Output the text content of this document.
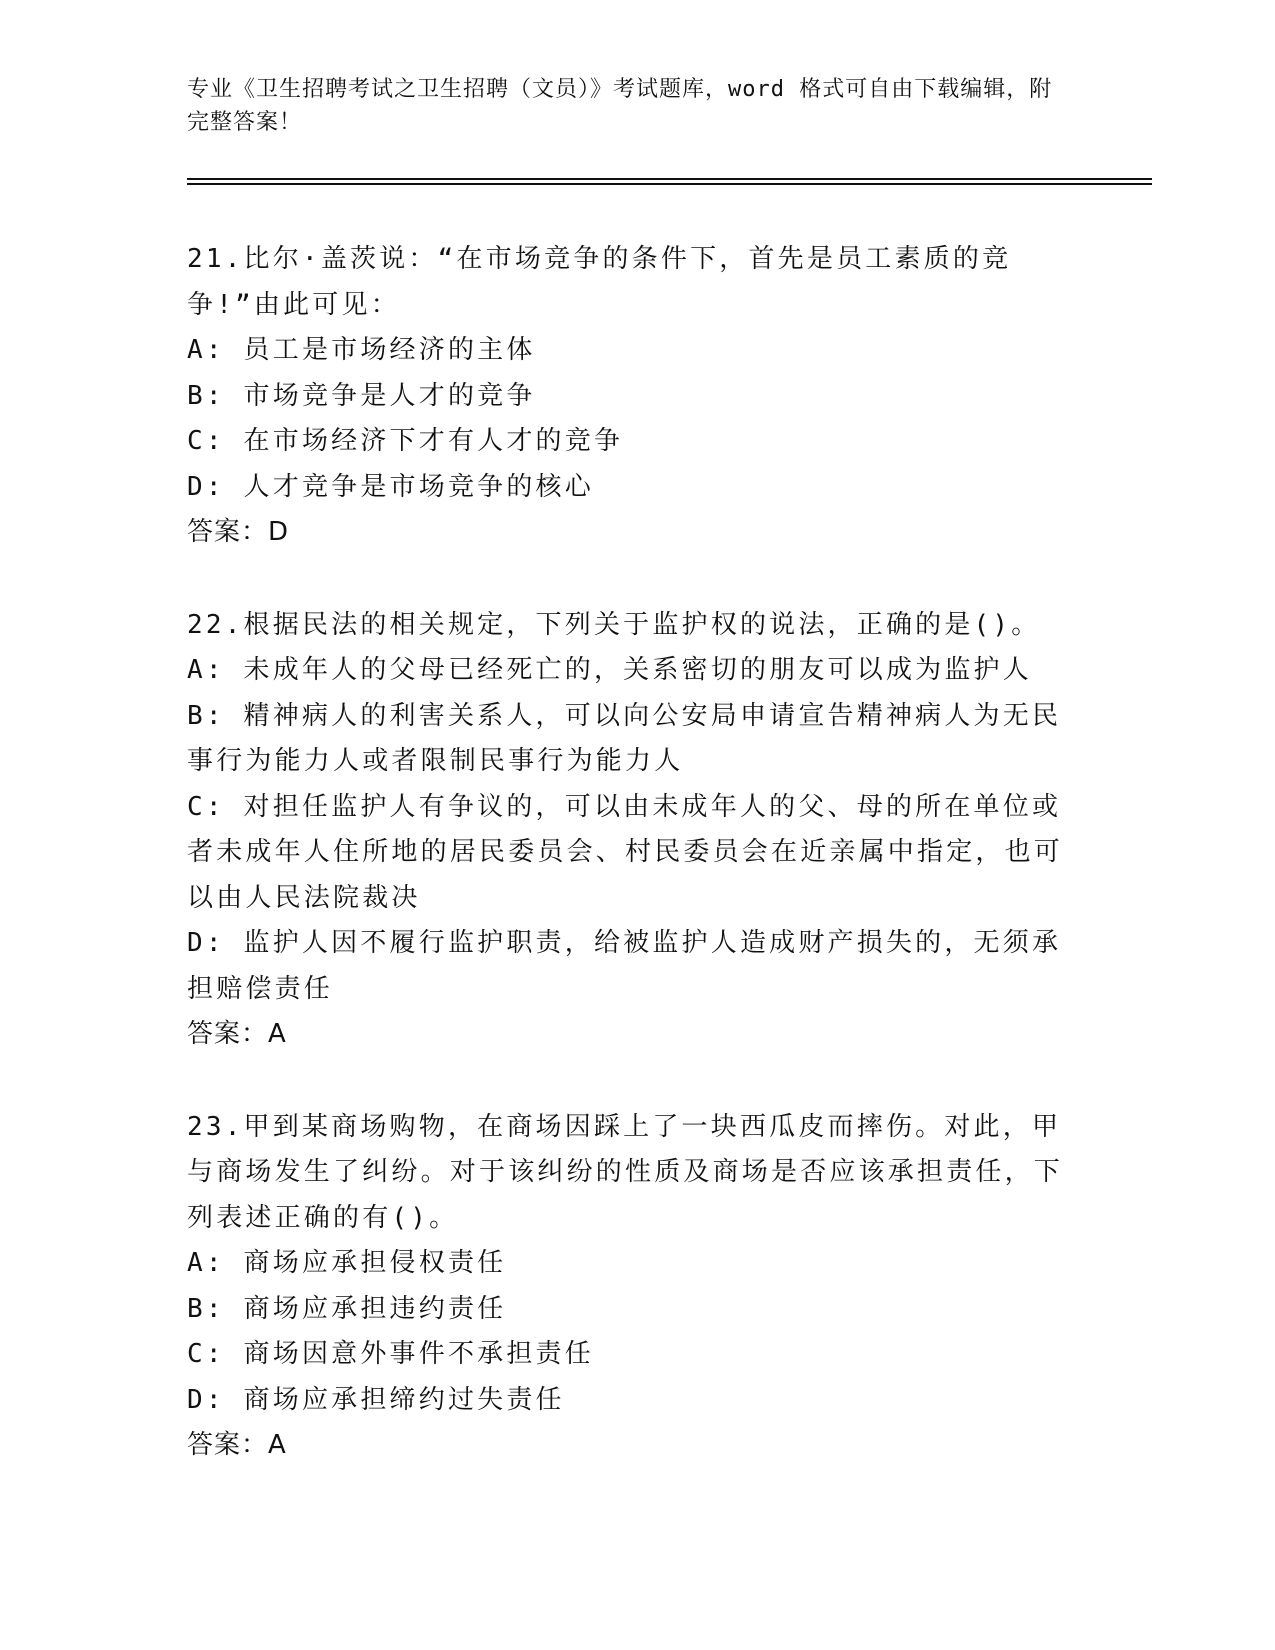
专业《卫生招聘考试之卫生招聘（文员）》考试题库，word 格式可自由下载编辑，附完整答案！
21.比尔·盖茨说：“在市场竞争的条件下，首先是员工素质的竞争!”由此可见：
A: 员工是市场经济的主体
B: 市场竞争是人才的竞争
C: 在市场经济下才有人才的竞争
D: 人才竞争是市场竞争的核心
答案：D
22.根据民法的相关规定，下列关于监护权的说法，正确的是()。
A: 未成年人的父母已经死亡的，关系密切的朋友可以成为监护人
B: 精神病人的利害关系人，可以向公安局申请宣告精神病人为无民事行为能力人或者限制民事行为能力人
C: 对担任监护人有争议的，可以由未成年人的父、母的所在单位或者未成年人住所地的居民委员会、村民委员会在近亲属中指定，也可以由人民法院裁决
D: 监护人因不履行监护职责，给被监护人造成财产损失的，无须承担赔偿责任
答案：A
23.甲到某商场购物，在商场因踩上了一块西瓜皮而摔伤。对此，甲与商场发生了纠纷。对于该纠纷的性质及商场是否应该承担责任，下列表述正确的有()。
A: 商场应承担侵权责任
B: 商场应承担违约责任
C: 商场因意外事件不承担责任
D: 商场应承担缔约过失责任
答案：A
